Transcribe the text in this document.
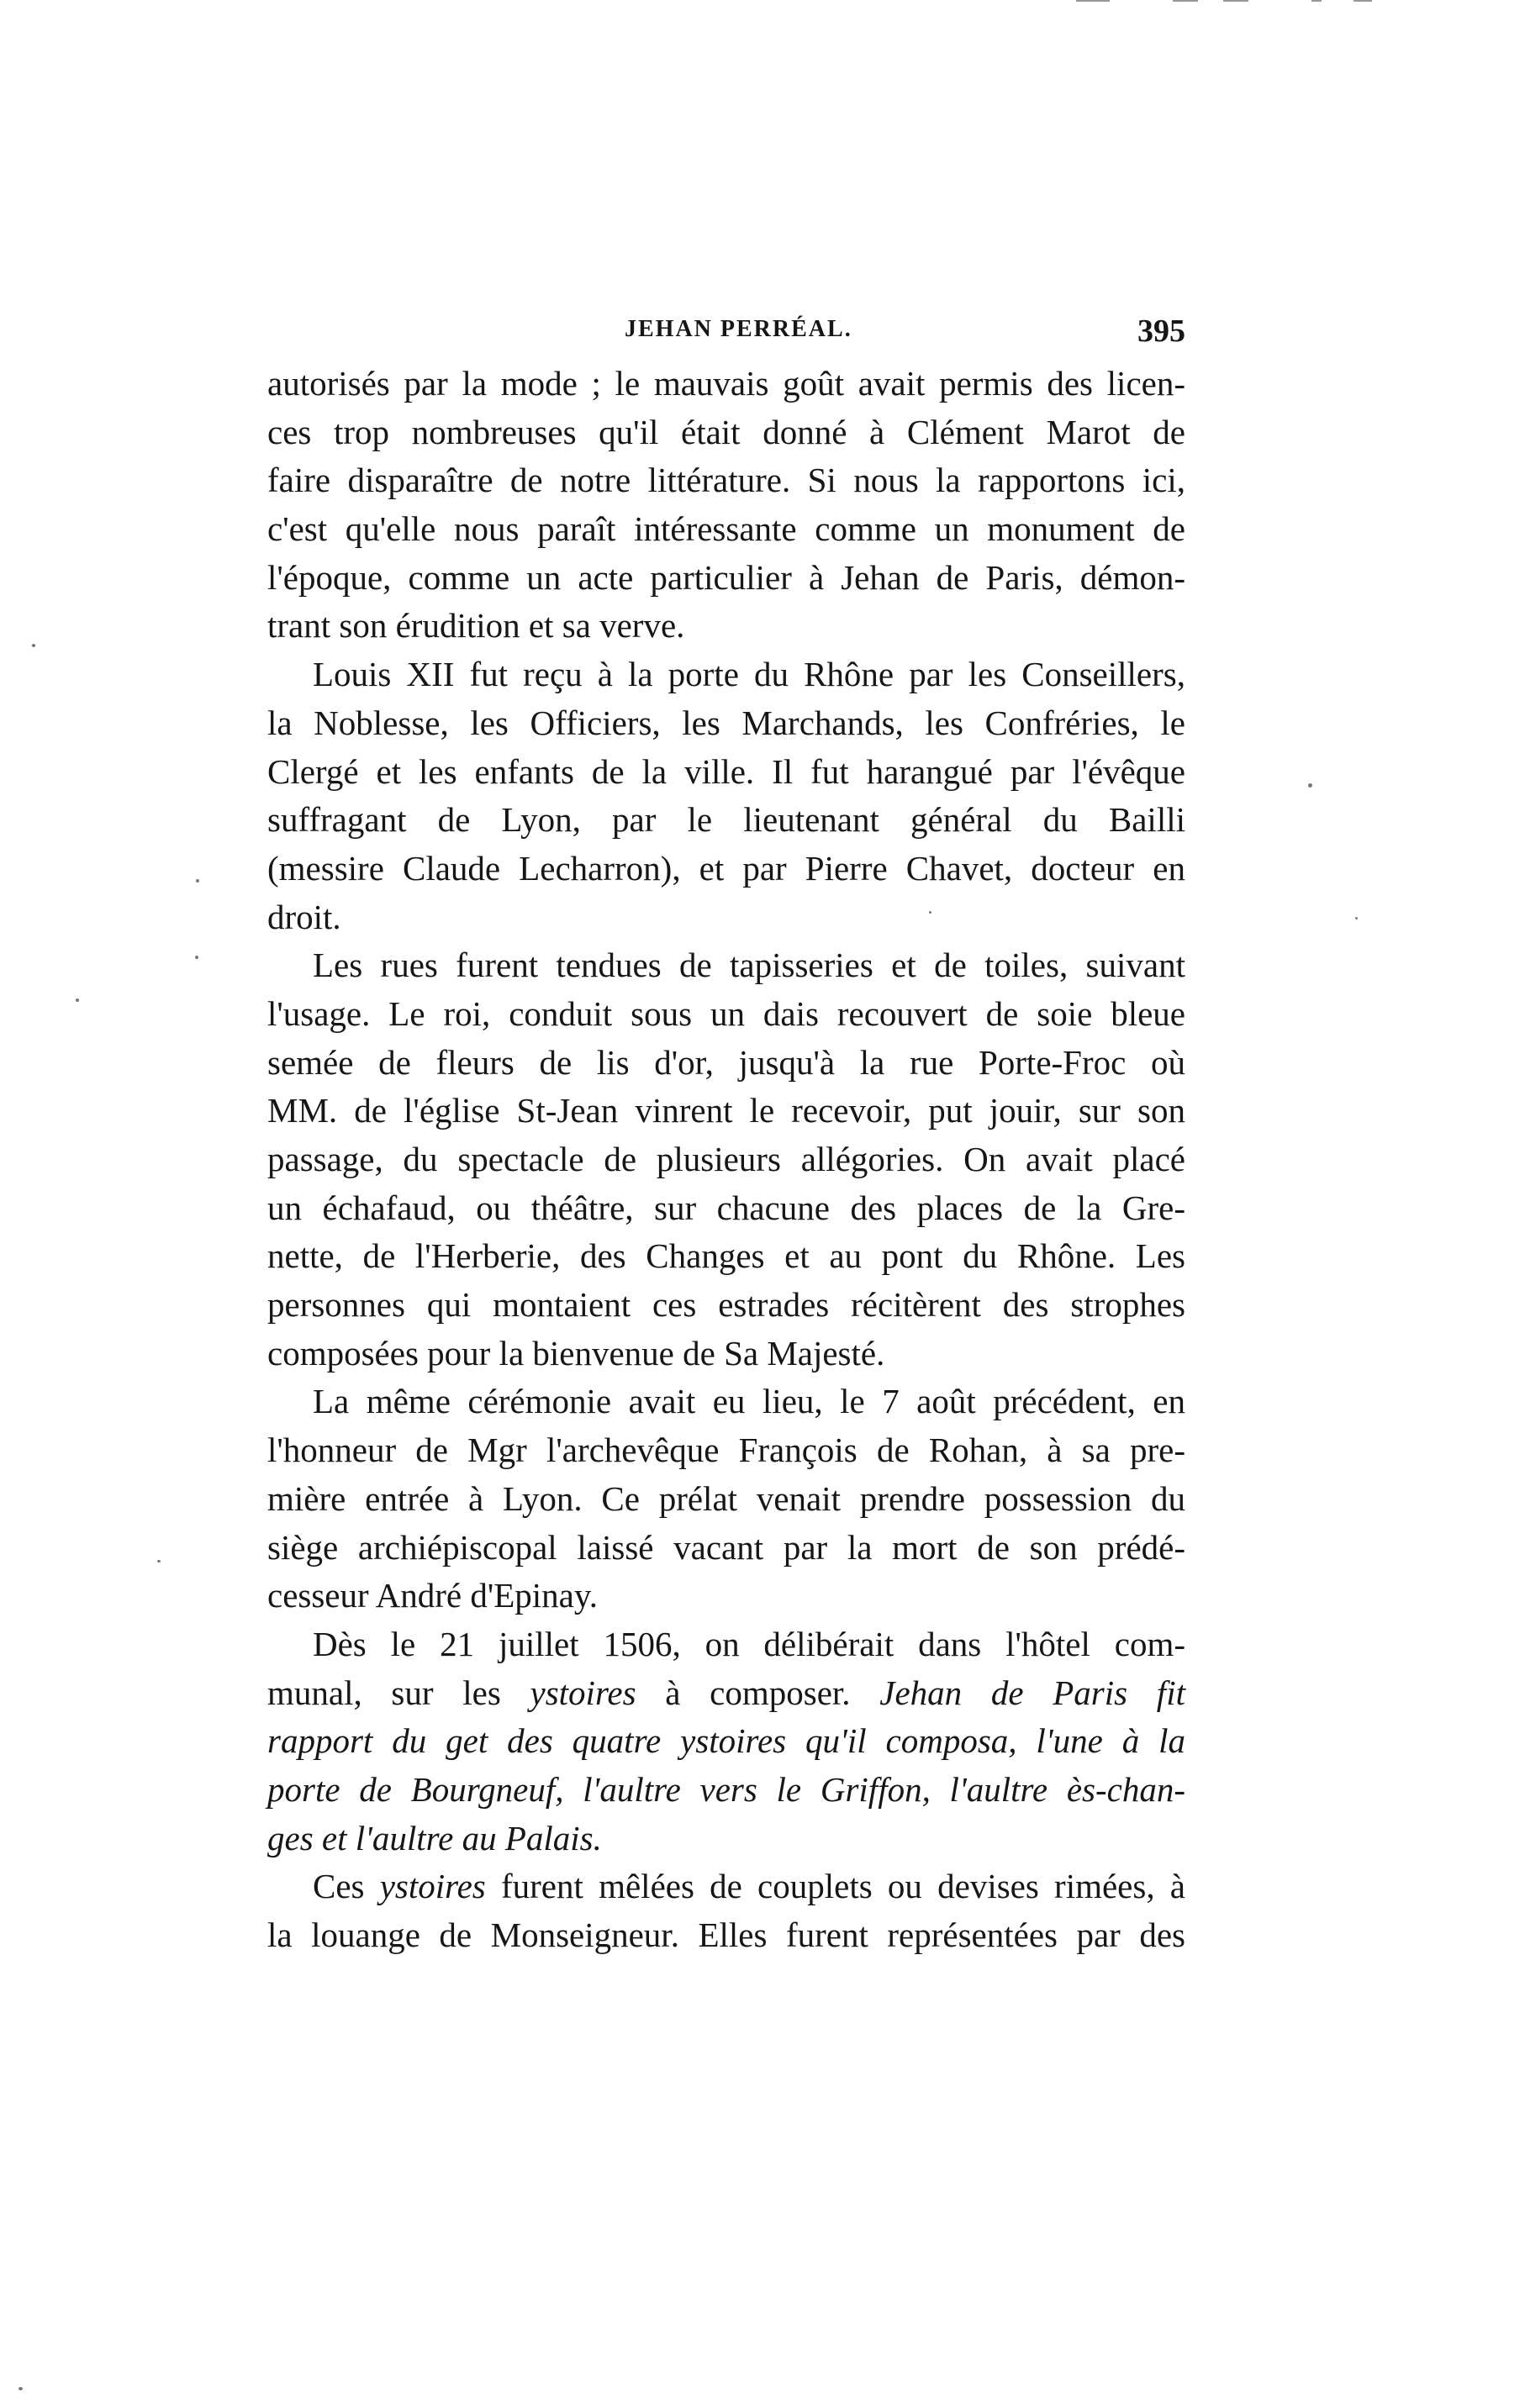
JEHAN PERRÉAL.	395
autorisés par la mode ; le mauvais goût avait permis des licen-
ces trop nombreuses qu'il était donné à Clément Marot de
faire disparaître de notre littérature. Si nous la rapportons ici,
c'est qu'elle nous paraît intéressante comme un monument de
l'époque, comme un acte particulier à Jehan de Paris, démon-
trant son érudition et sa verve.
Louis XII fut reçu à la porte du Rhône par les Conseillers,
la Noblesse, les Officiers, les Marchands, les Confréries, le
Clergé et les enfants de la ville. Il fut harangué par l'évêque
suffragant de Lyon, par le lieutenant général du Bailli
(messire Claude Lecharron), et par Pierre Chavet, docteur en
droit.
Les rues furent tendues de tapisseries et de toiles, suivant
l'usage. Le roi, conduit sous un dais recouvert de soie bleue
semée de fleurs de lis d'or, jusqu'à la rue Porte-Froc où
MM. de l'église St-Jean vinrent le recevoir, put jouir, sur son
passage, du spectacle de plusieurs allégories. On avait placé
un échafaud, ou théâtre, sur chacune des places de la Gre-
nette, de l'Herberie, des Changes et au pont du Rhône. Les
personnes qui montaient ces estrades récitèrent des strophes
composées pour la bienvenue de Sa Majesté.
La même cérémonie avait eu lieu, le 7 août précédent, en
l'honneur de Mgr l'archevêque François de Rohan, à sa pre-
mière entrée à Lyon. Ce prélat venait prendre possession du
siège archiépiscopal laissé vacant par la mort de son prédé-
cesseur André d'Epinay.
Dès le 21 juillet 1506, on délibérait dans l'hôtel com-
munal, sur les ystoires à composer. Jehan de Paris fit
rapport du get des quatre ystoires qu'il composa, l'une à la
porte de Bourgneuf, l'aultre vers le Griffon, l'aultre ès-chan-
ges et l'aultre au Palais.
Ces ystoires furent mêlées de couplets ou devises rimées, à
la louange de Monseigneur. Elles furent représentées par des
